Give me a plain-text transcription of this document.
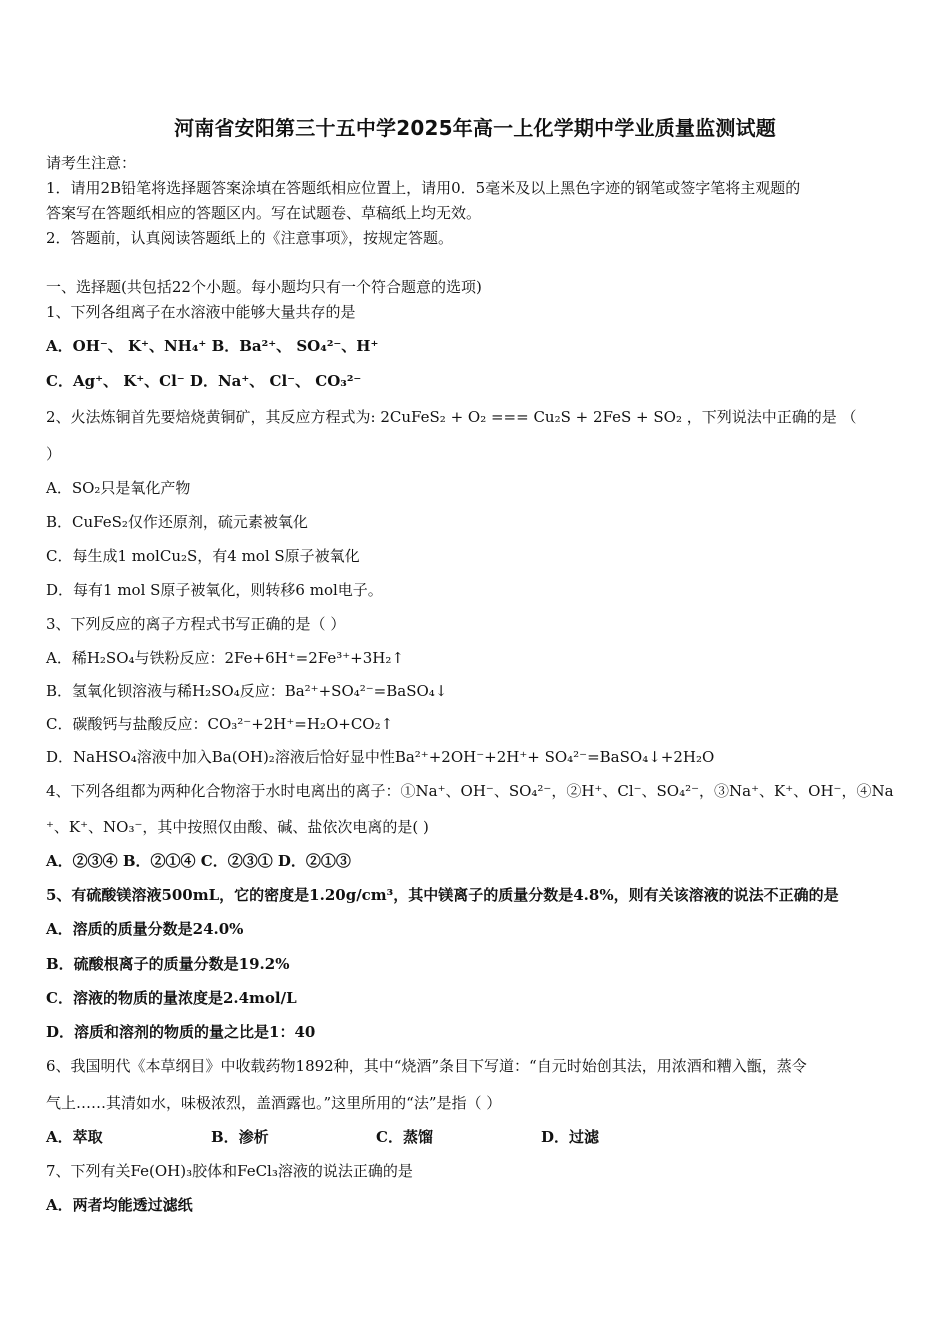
河南省安阳第三十五中学2025年高一上化学期中学业质量监测试题
请考生注意：
1．请用2B铅笔将选择题答案涂填在答题纸相应位置上，请用0．5毫米及以上黑色字迹的钢笔或签字笔将主观题的
答案写在答题纸相应的答题区内。写在试题卷、草稿纸上均无效。
2．答题前，认真阅读答题纸上的《注意事项》，按规定答题。
一、选择题(共包括22个小题。每小题均只有一个符合题意的选项)
1、下列各组离子在水溶液中能够大量共存的是
A．OH⁻、 K⁺、NH₄⁺ B．Ba²⁺、 SO₄²⁻、H⁺
C．Ag⁺、 K⁺、Cl⁻ D．Na⁺、 Cl⁻、 CO₃²⁻
2、火法炼铜首先要焙烧黄铜矿，其反应方程式为: 2CuFeS₂ + O₂ === Cu₂S + 2FeS + SO₂ ，下列说法中正确的是 （
）
A．SO₂只是氧化产物
B．CuFeS₂仅作还原剂，硫元素被氧化
C．每生成1 molCu₂S，有4 mol S原子被氧化
D．每有1 mol S原子被氧化，则转移6 mol电子。
3、下列反应的离子方程式书写正确的是（ ）
A．稀H₂SO₄与铁粉反应：2Fe+6H⁺=2Fe³⁺+3H₂↑
B．氢氧化钡溶液与稀H₂SO₄反应：Ba²⁺+SO₄²⁻=BaSO₄↓
C．碳酸钙与盐酸反应：CO₃²⁻+2H⁺=H₂O+CO₂↑
D．NaHSO₄溶液中加入Ba(OH)₂溶液后恰好显中性Ba²⁺+2OH⁻+2H⁺+ SO₄²⁻=BaSO₄↓+2H₂O
4、下列各组都为两种化合物溶于水时电离出的离子：①Na⁺、OH⁻、SO₄²⁻，②H⁺、Cl⁻、SO₄²⁻，③Na⁺、K⁺、OH⁻，④Na
⁺、K⁺、NO₃⁻，其中按照仅由酸、碱、盐依次电离的是( )
A．②③④ B．②①④ C．②③① D．②①③
5、有硫酸镁溶液500mL，它的密度是1.20g/cm³，其中镁离子的质量分数是4.8%，则有关该溶液的说法不正确的是
A．溶质的质量分数是24.0%
B．硫酸根离子的质量分数是19.2%
C．溶液的物质的量浓度是2.4mol/L
D．溶质和溶剂的物质的量之比是1：40
6、我国明代《本草纲目》中收载药物1892种，其中“烧酒”条目下写道：“自元时始创其法，用浓酒和糟入甑，蒸令
气上……其清如水，味极浓烈，盖酒露也。”这里所用的“法”是指（ ）
A．萃取	B．渗析	C．蒸馏	D．过滤
7、下列有关Fe(OH)₃胶体和FeCl₃溶液的说法正确的是
A．两者均能透过滤纸
